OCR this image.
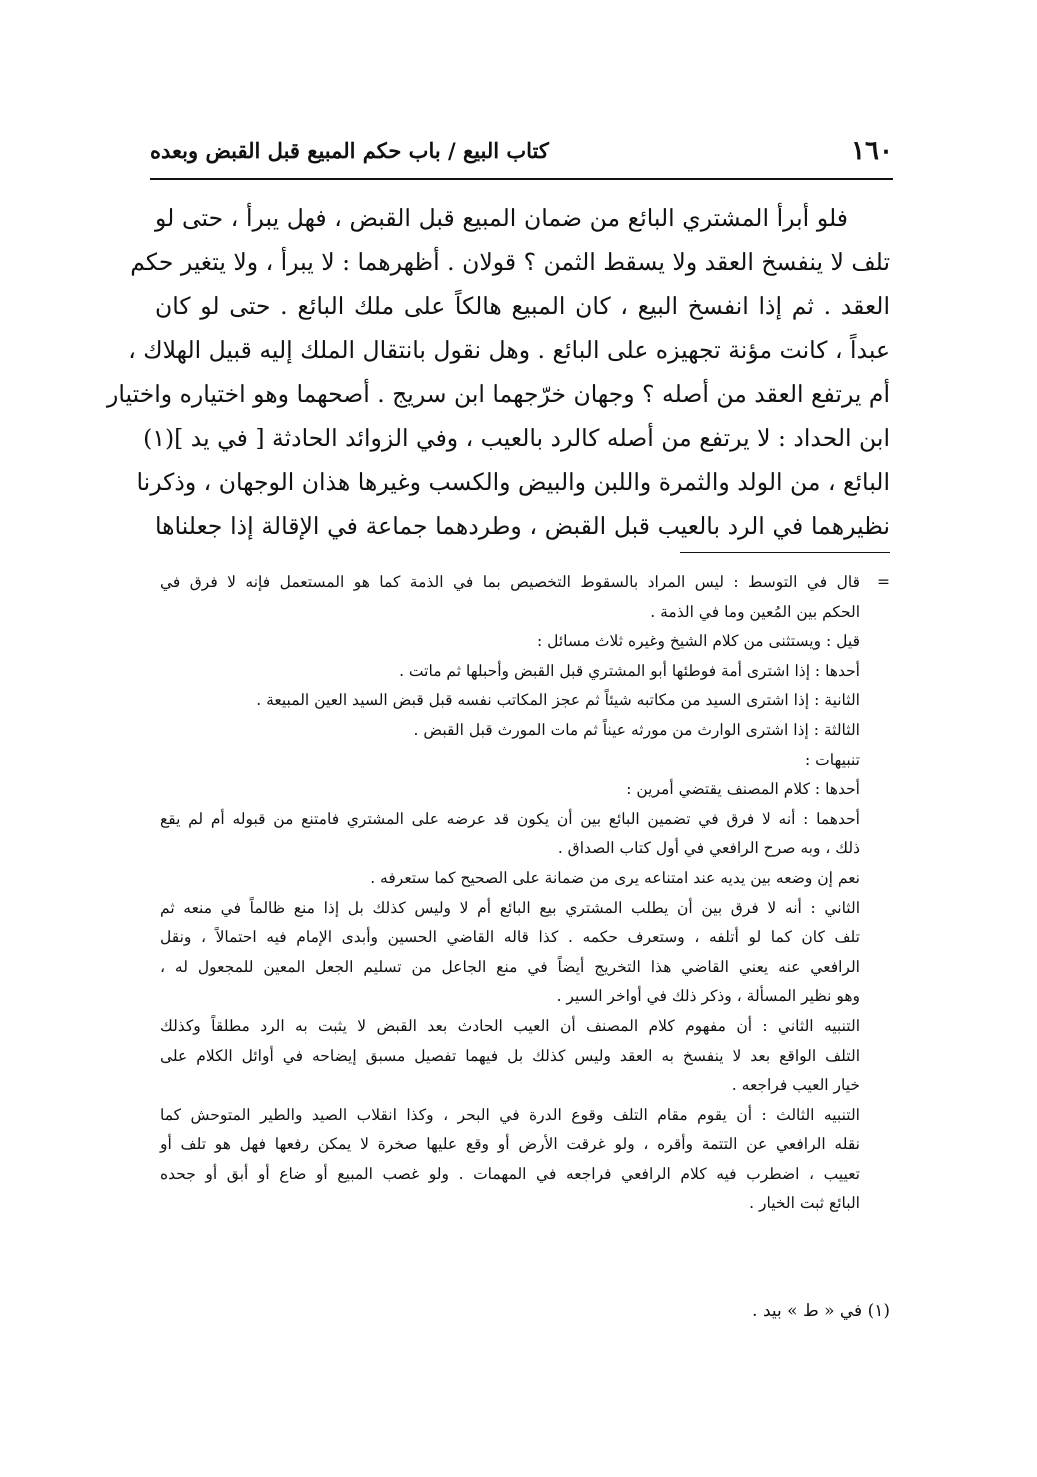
١٦٠
كتاب البيع / باب حكم المبيع قبل القبض وبعده
فلو أبرأ المشتري البائع من ضمان المبيع قبل القبض ، فهل يبرأ ، حتى لو
تلف لا ينفسخ العقد ولا يسقط الثمن ؟ قولان . أظهرهما : لا يبرأ ، ولا يتغير حكم
العقد . ثم إذا انفسخ البيع ، كان المبيع هالكاً على ملك البائع . حتى لو كان
عبداً ، كانت مؤنة تجهيزه على البائع . وهل نقول بانتقال الملك إليه قبيل الهلاك ،
أم يرتفع العقد من أصله ؟ وجهان خرّجهما ابن سريج . أصحهما وهو اختياره واختيار
ابن الحداد : لا يرتفع من أصله كالرد بالعيب ، وفي الزوائد الحادثة [ في يد ](١)
البائع ، من الولد والثمرة واللبن والبيض والكسب وغيرها هذان الوجهان ، وذكرنا
نظيرهما في الرد بالعيب قبل القبض ، وطردهما جماعة في الإقالة إذا جعلناها
=قال في التوسط : ليس المراد بالسقوط التخصيص بما في الذمة كما هو المستعمل فإنه لا فرق في
الحكم بين المُعين وما في الذمة .
قيل : ويستثنى من كلام الشيخ وغيره ثلاث مسائل :
أحدها : إذا اشترى أمة فوطئها أبو المشتري قبل القبض وأحبلها ثم ماتت .
الثانية : إذا اشترى السيد من مكاتبه شيئاً ثم عجز المكاتب نفسه قبل قبض السيد العين المبيعة .
الثالثة : إذا اشترى الوارث من مورثه عيناً ثم مات المورث قبل القبض .
تنبيهات :
أحدها : كلام المصنف يقتضي أمرين :
أحدهما : أنه لا فرق في تضمين البائع بين أن يكون قد عرضه على المشتري فامتنع من قبوله أم لم يقع
ذلك ، وبه صرح الرافعي في أول كتاب الصداق .
نعم إن وضعه بين يديه عند امتناعه يرى من ضمانة على الصحيح كما ستعرفه .
الثاني : أنه لا فرق بين أن يطلب المشتري بيع البائع أم لا وليس كذلك بل إذا منع ظالماً في منعه ثم
تلف كان كما لو أتلفه ، وستعرف حكمه . كذا قاله القاضي الحسين وأبدى الإمام فيه احتمالاً ، ونقل
الرافعي عنه يعني القاضي هذا التخريج أيضاً في منع الجاعل من تسليم الجعل المعين للمجعول له ،
وهو نظير المسألة ، وذكر ذلك في أواخر السير .
التنبيه الثاني : أن مفهوم كلام المصنف أن العيب الحادث بعد القبض لا يثبت به الرد مطلقاً وكذلك
التلف الواقع بعد لا ينفسخ به العقد وليس كذلك بل فيهما تفصيل مسبق إيضاحه في أوائل الكلام على
خيار العيب فراجعه .
التنبيه الثالث : أن يقوم مقام التلف وقوع الدرة في البحر ، وكذا انقلاب الصيد والطير المتوحش كما
نقله الرافعي عن التتمة وأقره ، ولو غرقت الأرض أو وقع عليها صخرة لا يمكن رفعها فهل هو تلف أو
تعييب ، اضطرب فيه كلام الرافعي فراجعه في المهمات . ولو غصب المبيع أو ضاع أو أبق أو جحده
البائع ثبت الخيار .
(١) في « ط » بيد .
